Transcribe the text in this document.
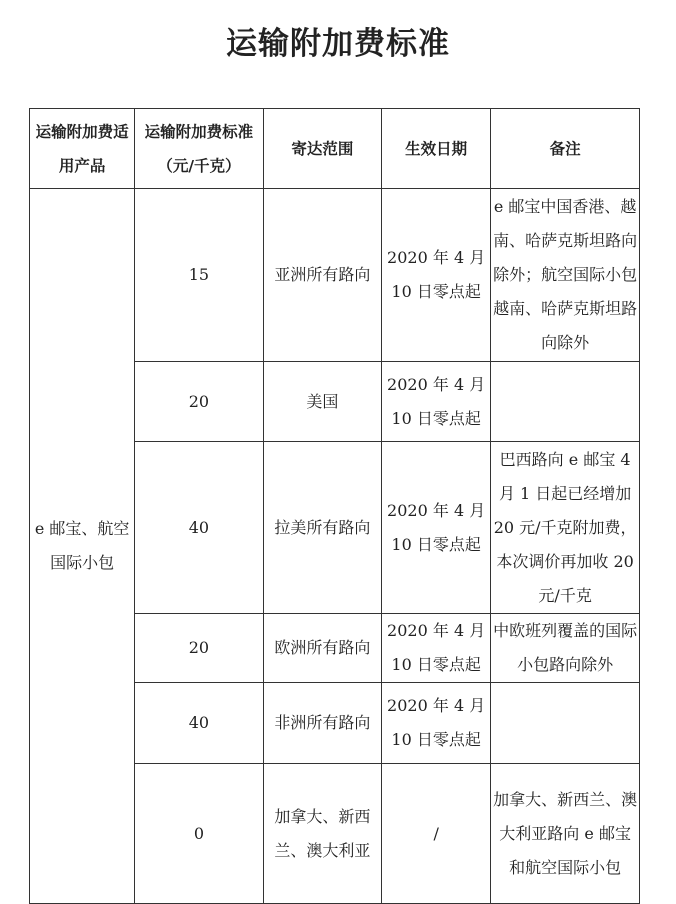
运输附加费标准
运输附加费适用产品	运输附加费标准（元/千克）	寄达范围	生效日期	备注
e 邮宝、航空国际小包	15	亚洲所有路向	2020 年 4 月 10 日零点起	e 邮宝中国香港、越南、哈萨克斯坦路向除外；航空国际小包越南、哈萨克斯坦路向除外
	20	美国	2020 年 4 月 10 日零点起	
	40	拉美所有路向	2020 年 4 月 10 日零点起	巴西路向 e 邮宝 4 月 1 日起已经增加 20 元/千克附加费，本次调价再加收 20 元/千克
	20	欧洲所有路向	2020 年 4 月 10 日零点起	中欧班列覆盖的国际小包路向除外
	40	非洲所有路向	2020 年 4 月 10 日零点起	
	0	加拿大、新西兰、澳大利亚	/	加拿大、新西兰、澳大利亚路向 e 邮宝和航空国际小包
